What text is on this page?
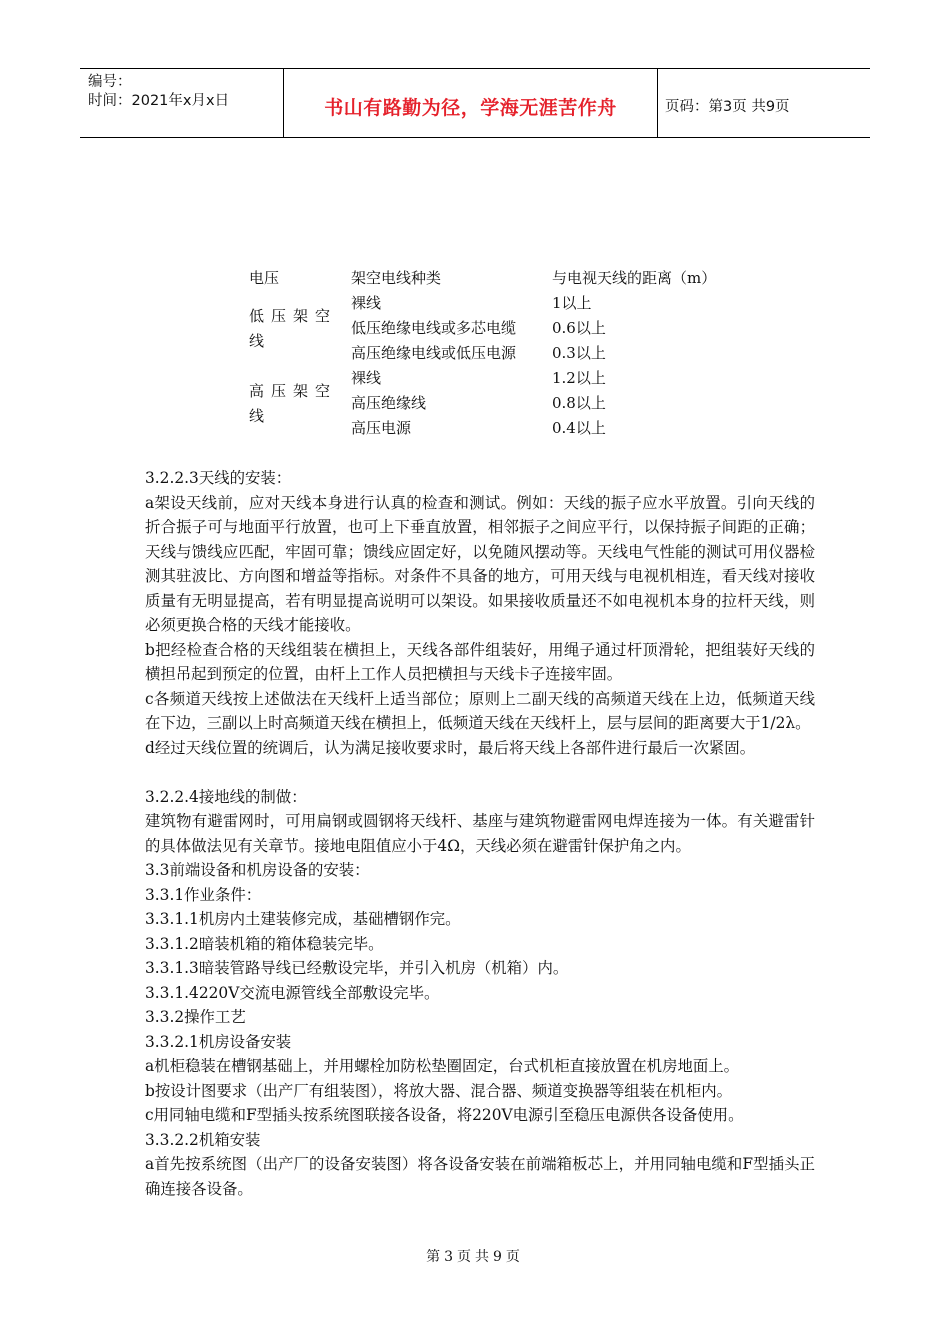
编号：
时间：2021年x月x日	书山有路勤为径，学海无涯苦作舟	页码：第3页 共9页
电压	架空电线种类	与电视天线的距离（m）
低压架空线
裸线	1以上
低压绝缘电线或多芯电缆 0.6以上
高压绝缘电线或低压电源 0.3以上
高压架空线
裸线	1.2以上
高压绝缘线	0.8以上
高压电源	0.4以上

3.2.2.3天线的安装：

a架设天线前，应对天线本身进行认真的检查和测试。例如：天线的振子应水平放置。引向天线的折合振子可与地面平行放置，也可上下垂直放置，相邻振子之间应平行，以保持振子间距的正确；天线与馈线应匹配，牢固可靠；馈线应固定好，以免随风摆动等。天线电气性能的测试可用仪器检测其驻波比、方向图和增益等指标。对条件不具备的地方，可用天线与电视机相连，看天线对接收质量有无明显提高，若有明显提高说明可以架设。如果接收质量还不如电视机本身的拉杆天线，则必须更换合格的天线才能接收。

b把经检查合格的天线组装在横担上，天线各部件组装好，用绳子通过杆顶滑轮，把组装好天线的横担吊起到预定的位置，由杆上工作人员把横担与天线卡子连接牢固。

c各频道天线按上述做法在天线杆上适当部位；原则上二副天线的高频道天线在上边，低频道天线在下边，三副以上时高频道天线在横担上，低频道天线在天线杆上，层与层间的距离要大于1/2λ。

d经过天线位置的统调后，认为满足接收要求时，最后将天线上各部件进行最后一次紧固。

3.2.2.4接地线的制做：

建筑物有避雷网时，可用扁钢或圆钢将天线杆、基座与建筑物避雷网电焊连接为一体。有关避雷针的具体做法见有关章节。接地电阻值应小于4Ω，天线必须在避雷针保护角之内。

3.3前端设备和机房设备的安装：

3.3.1作业条件：

3.3.1.1机房内土建装修完成，基础槽钢作完。

3.3.1.2暗装机箱的箱体稳装完毕。

3.3.1.3暗装管路导线已经敷设完毕，并引入机房（机箱）内。

3.3.1.4220V交流电源管线全部敷设完毕。

3.3.2操作工艺

3.3.2.1机房设备安装

a机柜稳装在槽钢基础上，并用螺栓加防松垫圈固定，台式机柜直接放置在机房地面上。

b按设计图要求（出产厂有组装图），将放大器、混合器、频道变换器等组装在机柜内。

c用同轴电缆和F型插头按系统图联接各设备，将220V电源引至稳压电源供各设备使用。

3.3.2.2机箱安装

a首先按系统图（出产厂的设备安装图）将各设备安装在前端箱板芯上，并用同轴电缆和F型插头正确连接各设备。

第3页共9页
